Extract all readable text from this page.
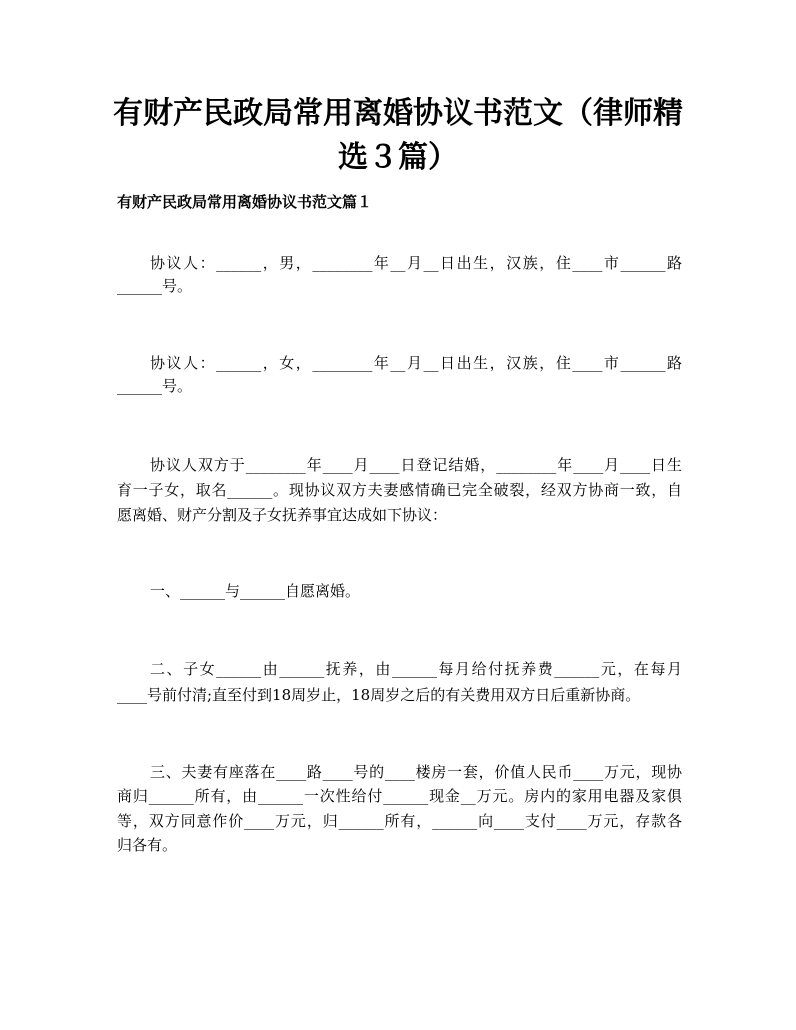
有财产民政局常用离婚协议书范文（律师精
选３篇）
有财产民政局常用离婚协议书范文篇１

协议人：______，男，________年__月__日出生，汉族，住____市______路

______号。

协议人：______，女，________年__月__日出生，汉族，住____市______路

______号。

协议人双方于________年____月____日登记结婚，________年____月____日生

育一子女，取名______。现协议双方夫妻感情确已完全破裂，经双方协商一致，自

愿离婚、财产分割及子女抚养事宜达成如下协议：

一、______与______自愿离婚。

二、子女______由______抚养，由______每月给付抚养费______元，在每月

____号前付清;直至付到18周岁止，18周岁之后的有关费用双方日后重新协商。

三、夫妻有座落在____路____号的____楼房一套，价值人民币____万元，现协

商归______所有，由______一次性给付______现金__万元。房内的家用电器及家俱

等，双方同意作价____万元，归______所有，______向____支付____万元，存款各

归各有。
